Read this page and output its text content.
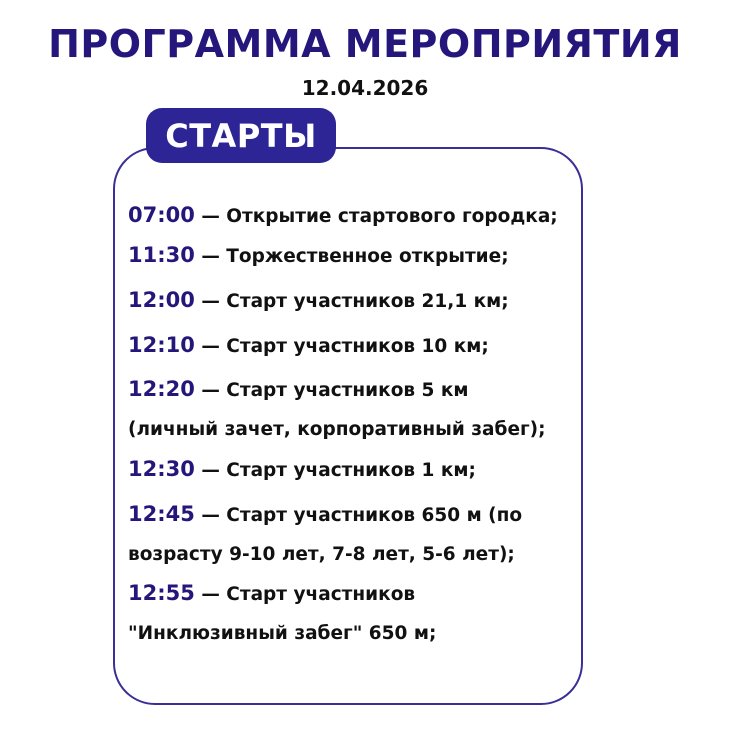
ПРОГРАММА МЕРОПРИЯТИЯ
12.04.2026
СТАРТЫ
07:00 — Открытие стартового городка;
11:30 — Торжественное открытие;
12:00 — Старт участников 21,1 км;
12:10 — Старт участников 10 км;
12:20 — Старт участников 5 км
(личный зачет, корпоративный забег);
12:30 — Старт участников 1 км;
12:45 — Старт участников 650 м (по
возрасту 9-10 лет, 7-8 лет, 5-6 лет);
12:55 — Старт участников
"Инклюзивный забег" 650 м;
